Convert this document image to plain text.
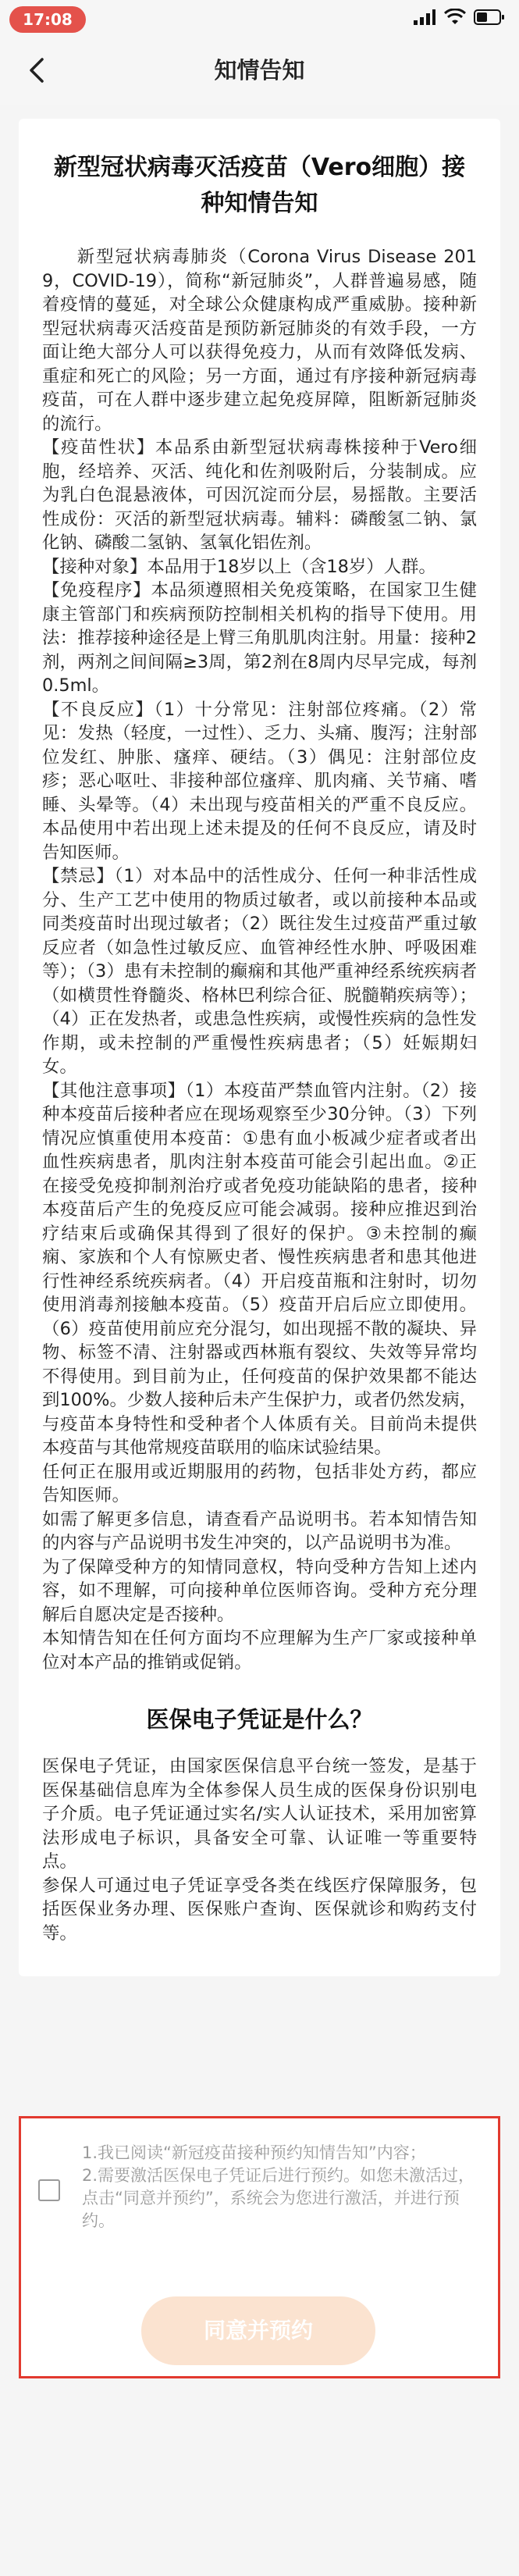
17:08
知情告知
新型冠状病毒灭活疫苗（Vero细胞）接种知情告知

新型冠状病毒肺炎（Corona Virus Disease 2019，COVID-19），简称“新冠肺炎”，人群普遍易感，随着疫情的蔓延，对全球公众健康构成严重威胁。接种新型冠状病毒灭活疫苗是预防新冠肺炎的有效手段，一方面让绝大部分人可以获得免疫力，从而有效降低发病、重症和死亡的风险；另一方面，通过有序接种新冠病毒疫苗，可在人群中逐步建立起免疫屏障，阻断新冠肺炎的流行。

【疫苗性状】本品系由新型冠状病毒株接种于Vero细胞，经培养、灭活、纯化和佐剂吸附后，分装制成。应为乳白色混悬液体，可因沉淀而分层，易摇散。主要活性成份：灭活的新型冠状病毒。辅料：磷酸氢二钠、氯化钠、磷酸二氢钠、氢氧化铝佐剂。

【接种对象】本品用于18岁以上（含18岁）人群。

【免疫程序】本品须遵照相关免疫策略，在国家卫生健康主管部门和疾病预防控制相关机构的指导下使用。用法：推荐接种途径是上臂三角肌肌肉注射。用量：接种2剂，两剂之间间隔≥3周，第2剂在8周内尽早完成，每剂0.5ml。

【不良反应】（1）十分常见：注射部位疼痛。（2）常见：发热（轻度，一过性）、乏力、头痛、腹泻；注射部位发红、肿胀、瘙痒、硬结。（3）偶见：注射部位皮疹；恶心呕吐、非接种部位瘙痒、肌肉痛、关节痛、嗜睡、头晕等。（4）未出现与疫苗相关的严重不良反应。本品使用中若出现上述未提及的任何不良反应，请及时告知医师。

【禁忌】（1）对本品中的活性成分、任何一种非活性成分、生产工艺中使用的物质过敏者，或以前接种本品或同类疫苗时出现过敏者；（2）既往发生过疫苗严重过敏反应者（如急性过敏反应、血管神经性水肿、呼吸困难等）；（3）患有未控制的癫痫和其他严重神经系统疾病者（如横贯性脊髓炎、格林巴利综合征、脱髓鞘疾病等）；（4）正在发热者，或患急性疾病，或慢性疾病的急性发作期，或未控制的严重慢性疾病患者；（5）妊娠期妇女。

【其他注意事项】（1）本疫苗严禁血管内注射。（2）接种本疫苗后接种者应在现场观察至少30分钟。（3）下列情况应慎重使用本疫苗：①患有血小板减少症者或者出血性疾病患者，肌肉注射本疫苗可能会引起出血。②正在接受免疫抑制剂治疗或者免疫功能缺陷的患者，接种本疫苗后产生的免疫反应可能会减弱。接种应推迟到治疗结束后或确保其得到了很好的保护。③未控制的癫痫、家族和个人有惊厥史者、慢性疾病患者和患其他进行性神经系统疾病者。（4）开启疫苗瓶和注射时，切勿使用消毒剂接触本疫苗。（5）疫苗开启后应立即使用。（6）疫苗使用前应充分混匀，如出现摇不散的凝块、异物、标签不清、注射器或西林瓶有裂纹、失效等异常均不得使用。到目前为止，任何疫苗的保护效果都不能达到100%。少数人接种后未产生保护力，或者仍然发病，与疫苗本身特性和受种者个人体质有关。目前尚未提供本疫苗与其他常规疫苗联用的临床试验结果。

任何正在服用或近期服用的药物，包括非处方药，都应告知医师。

如需了解更多信息，请查看产品说明书。若本知情告知的内容与产品说明书发生冲突的，以产品说明书为准。

为了保障受种方的知情同意权，特向受种方告知上述内容，如不理解，可向接种单位医师咨询。受种方充分理解后自愿决定是否接种。

本知情告知在任何方面均不应理解为生产厂家或接种单位对本产品的推销或促销。

医保电子凭证是什么？

医保电子凭证，由国家医保信息平台统一签发，是基于医保基础信息库为全体参保人员生成的医保身份识别电子介质。电子凭证通过实名/实人认证技术，采用加密算法形成电子标识，具备安全可靠、认证唯一等重要特点。

参保人可通过电子凭证享受各类在线医疗保障服务，包括医保业务办理、医保账户查询、医保就诊和购药支付等。

1.我已阅读“新冠疫苗接种预约知情告知”内容；
2.需要激活医保电子凭证后进行预约。如您未激活过，点击“同意并预约”，系统会为您进行激活，并进行预约。
同意并预约
